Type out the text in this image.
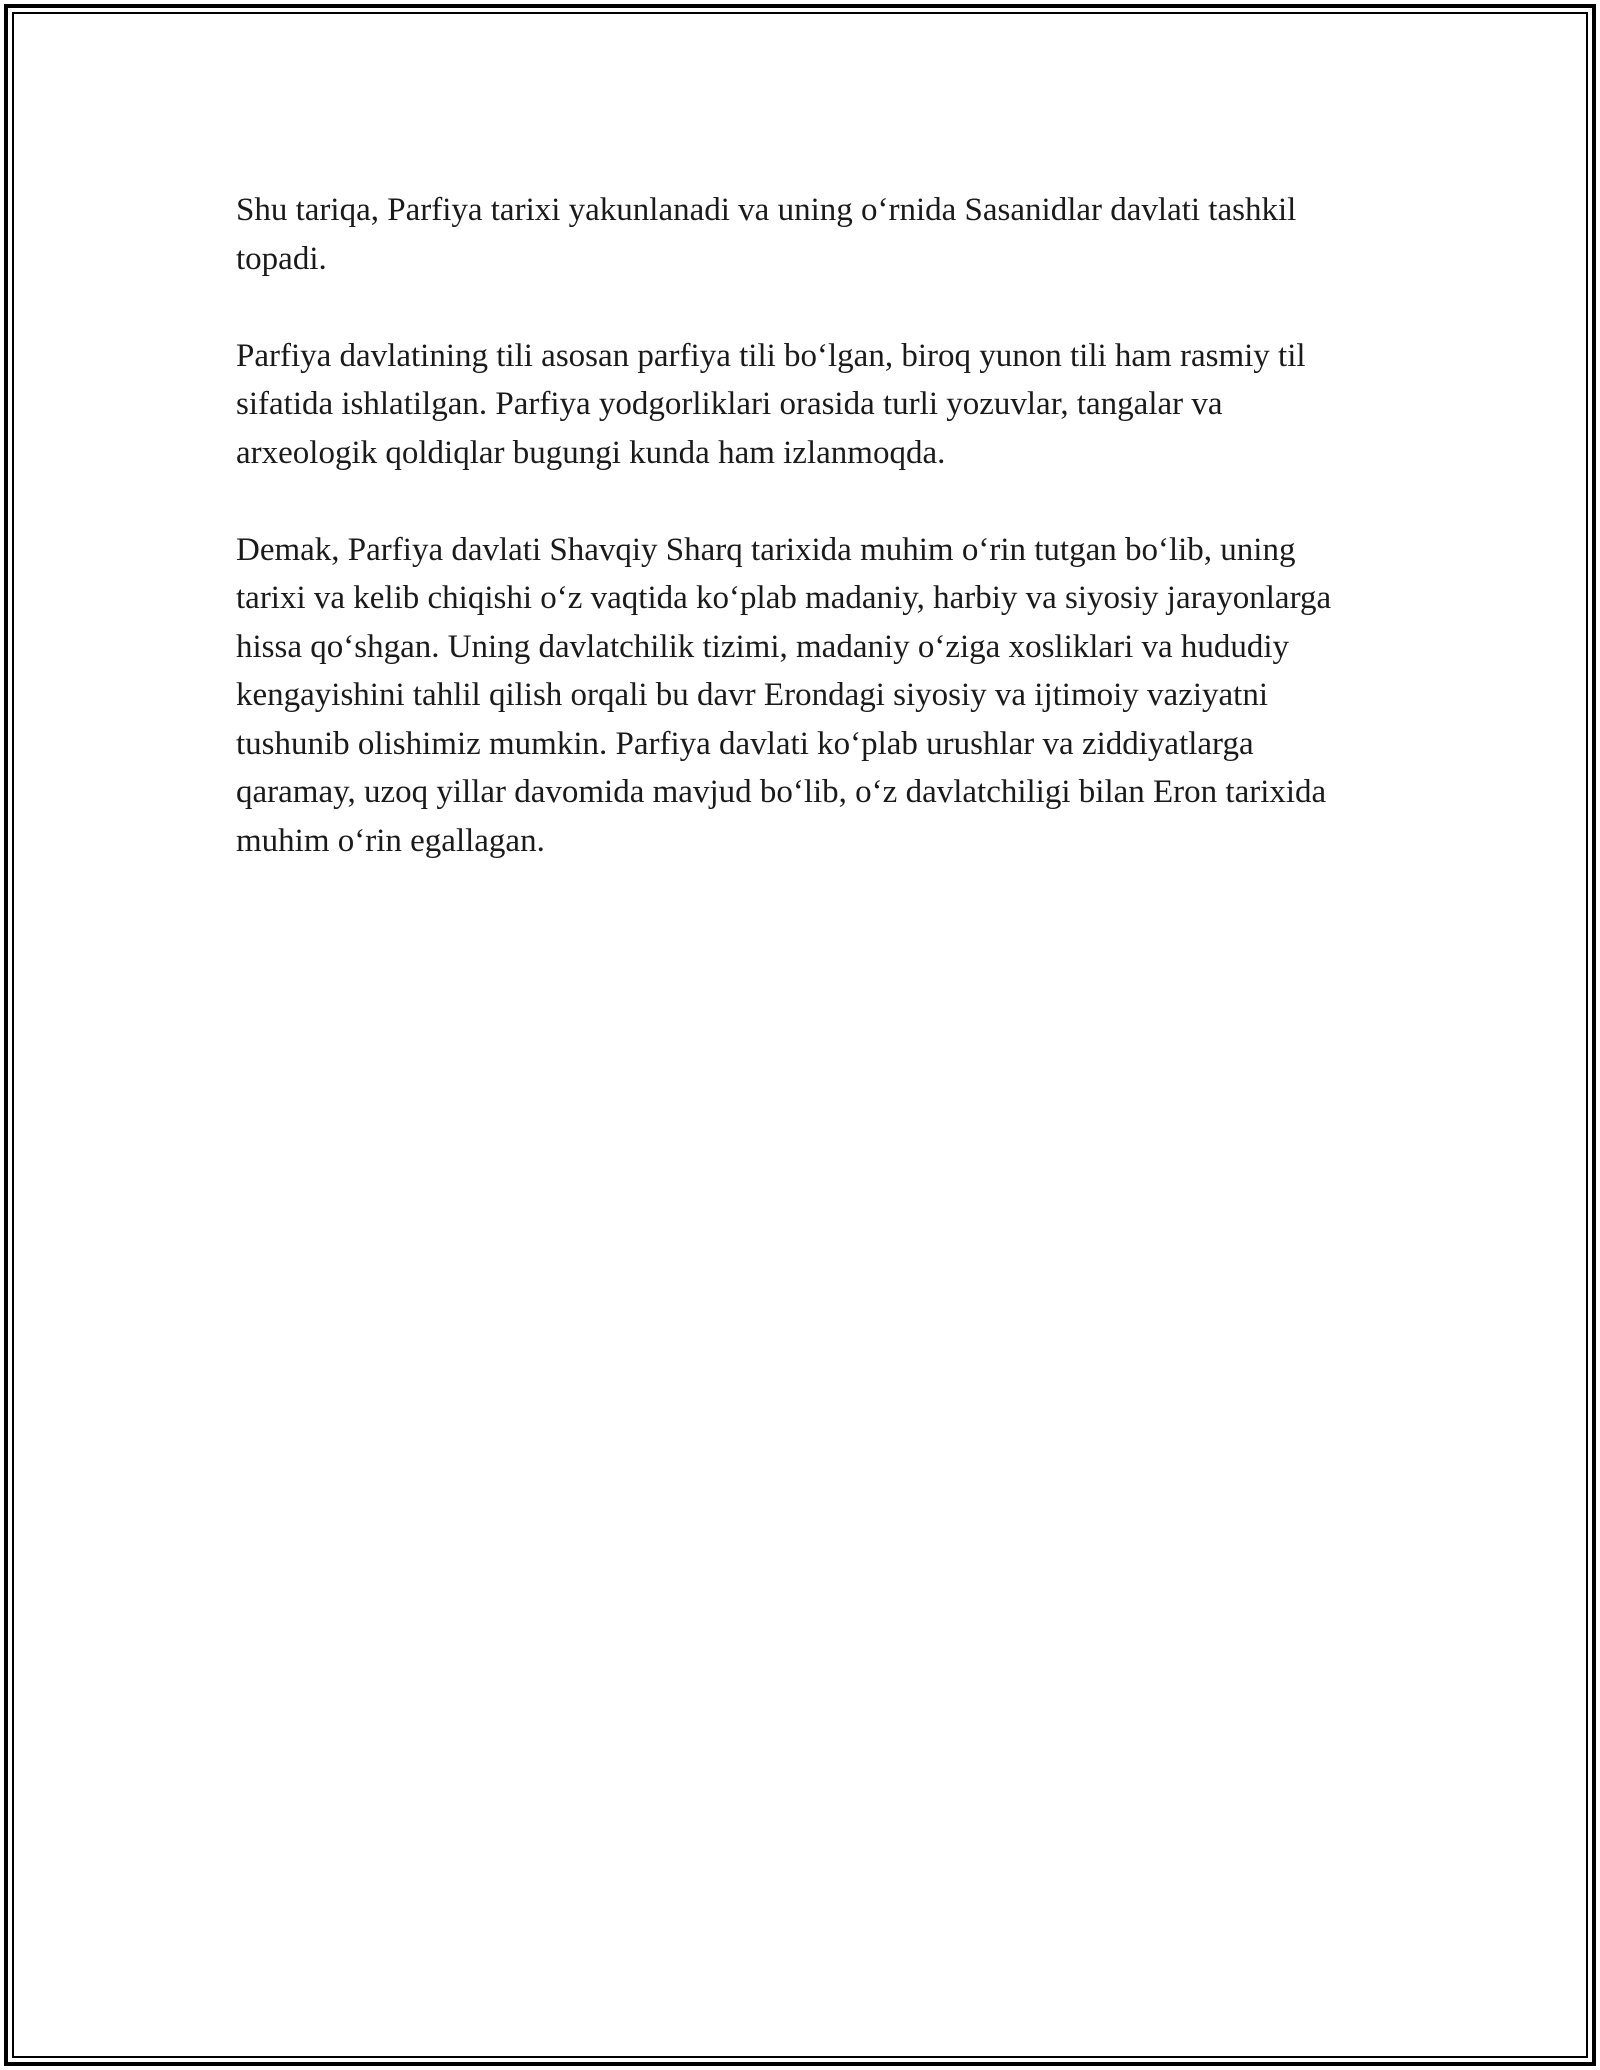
Shu tariqa, Parfiya tarixi yakunlanadi va uning o‘rnida Sasanidlar davlati tashkil topadi.

Parfiya davlatining tili asosan parfiya tili bo‘lgan, biroq yunon tili ham rasmiy til sifatida ishlatilgan. Parfiya yodgorliklari orasida turli yozuvlar, tangalar va arxeologik qoldiqlar bugungi kunda ham izlanmoqda.

Demak, Parfiya davlati Shavqiy Sharq tarixida muhim o‘rin tutgan bo‘lib, uning tarixi va kelib chiqishi o‘z vaqtida ko‘plab madaniy, harbiy va siyosiy jarayonlarga hissa qo‘shgan. Uning davlatchilik tizimi, madaniy o‘ziga xosliklari va hududiy kengayishini tahlil qilish orqali bu davr Erondagi siyosiy va ijtimoiy vaziyatni tushunib olishimiz mumkin. Parfiya davlati ko‘plab urushlar va ziddiyatlarga qaramay, uzoq yillar davomida mavjud bo‘lib, o‘z davlatchiligi bilan Eron tarixida muhim o‘rin egallagan.
